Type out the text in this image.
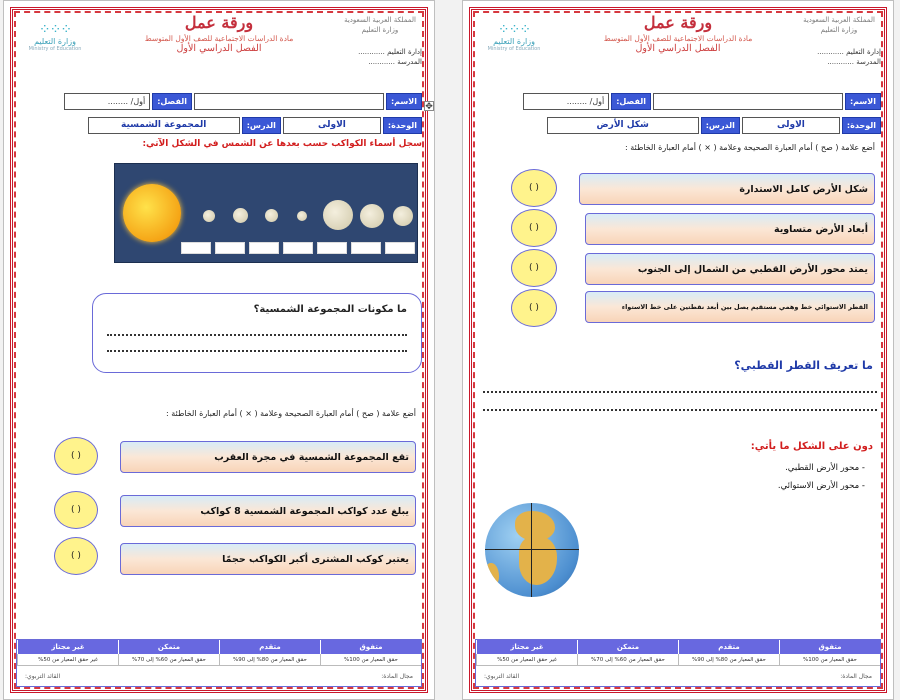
المملكة العربية السعودية وزارة التعليم
إدارة التعليم ............
المدرسة ............
ورقة عمل
مادة الدراسات الاجتماعية للصف الأول المتوسط
الفصل الدراسي الأول
⁘⁘⁘
وزارة التعليم
Ministry of Education
الاسم:
الفصل:
أول/ ........
الوحدة:
الاولى
الدرس:
المجموعة الشمسية
سجل أسماء الكواكب حسب بعدها عن الشمس في الشكل الآتي:
ما مكونات المجموعة الشمسية؟
أضع علامة ( صح ) أمام العبارة الصحيحة وعلامة ( × ) أمام العبارة الخاطئة :
تقع المجموعة الشمسية في مجرة العقرب
( )
يبلغ عدد كواكب المجموعة الشمسية 8 كواكب
( )
يعتبر كوكب المشترى أكبر الكواكب حجمًا
( )
متفوق
متقدم
متمكن
غير مجتاز
حقق المعيار من 100%
حقق المعيار من 80% إلى 90%
حقق المعيار من 60% إلى 70%
غير حقق المعيار من 50%
مجال المادة:
القائد التربوي:
✥
المملكة العربية السعودية وزارة التعليم
إدارة التعليم ............
المدرسة ............
ورقة عمل
مادة الدراسات الاجتماعية للصف الأول المتوسط
الفصل الدراسي الأول
⁘⁘⁘
وزارة التعليم
Ministry of Education
الاسم:
الفصل:
أول/ ........
الوحدة:
الاولى
الدرس:
شكل الأرض
أضع علامة ( صح ) أمام العبارة الصحيحة وعلامة ( × ) أمام العبارة الخاطئة :
شكل الأرض كامل الاستدارة
( )
أبعاد الأرض متساوية
( )
يمتد محور الأرض القطبي من الشمال إلى الجنوب
( )
القطر الاستوائي خط وهمي مستقيم يصل بين أبعد نقطتين على خط الاستواء
( )
ما تعريف القطر القطبي؟
دون على الشكل ما يأتي:
- محور الأرض القطبي.
- محور الأرض الاستوائي.
متفوق
متقدم
متمكن
غير مجتاز
حقق المعيار من 100%
حقق المعيار من 80% إلى 90%
حقق المعيار من 60% إلى 70%
غير حقق المعيار من 50%
مجال المادة:
القائد التربوي:
